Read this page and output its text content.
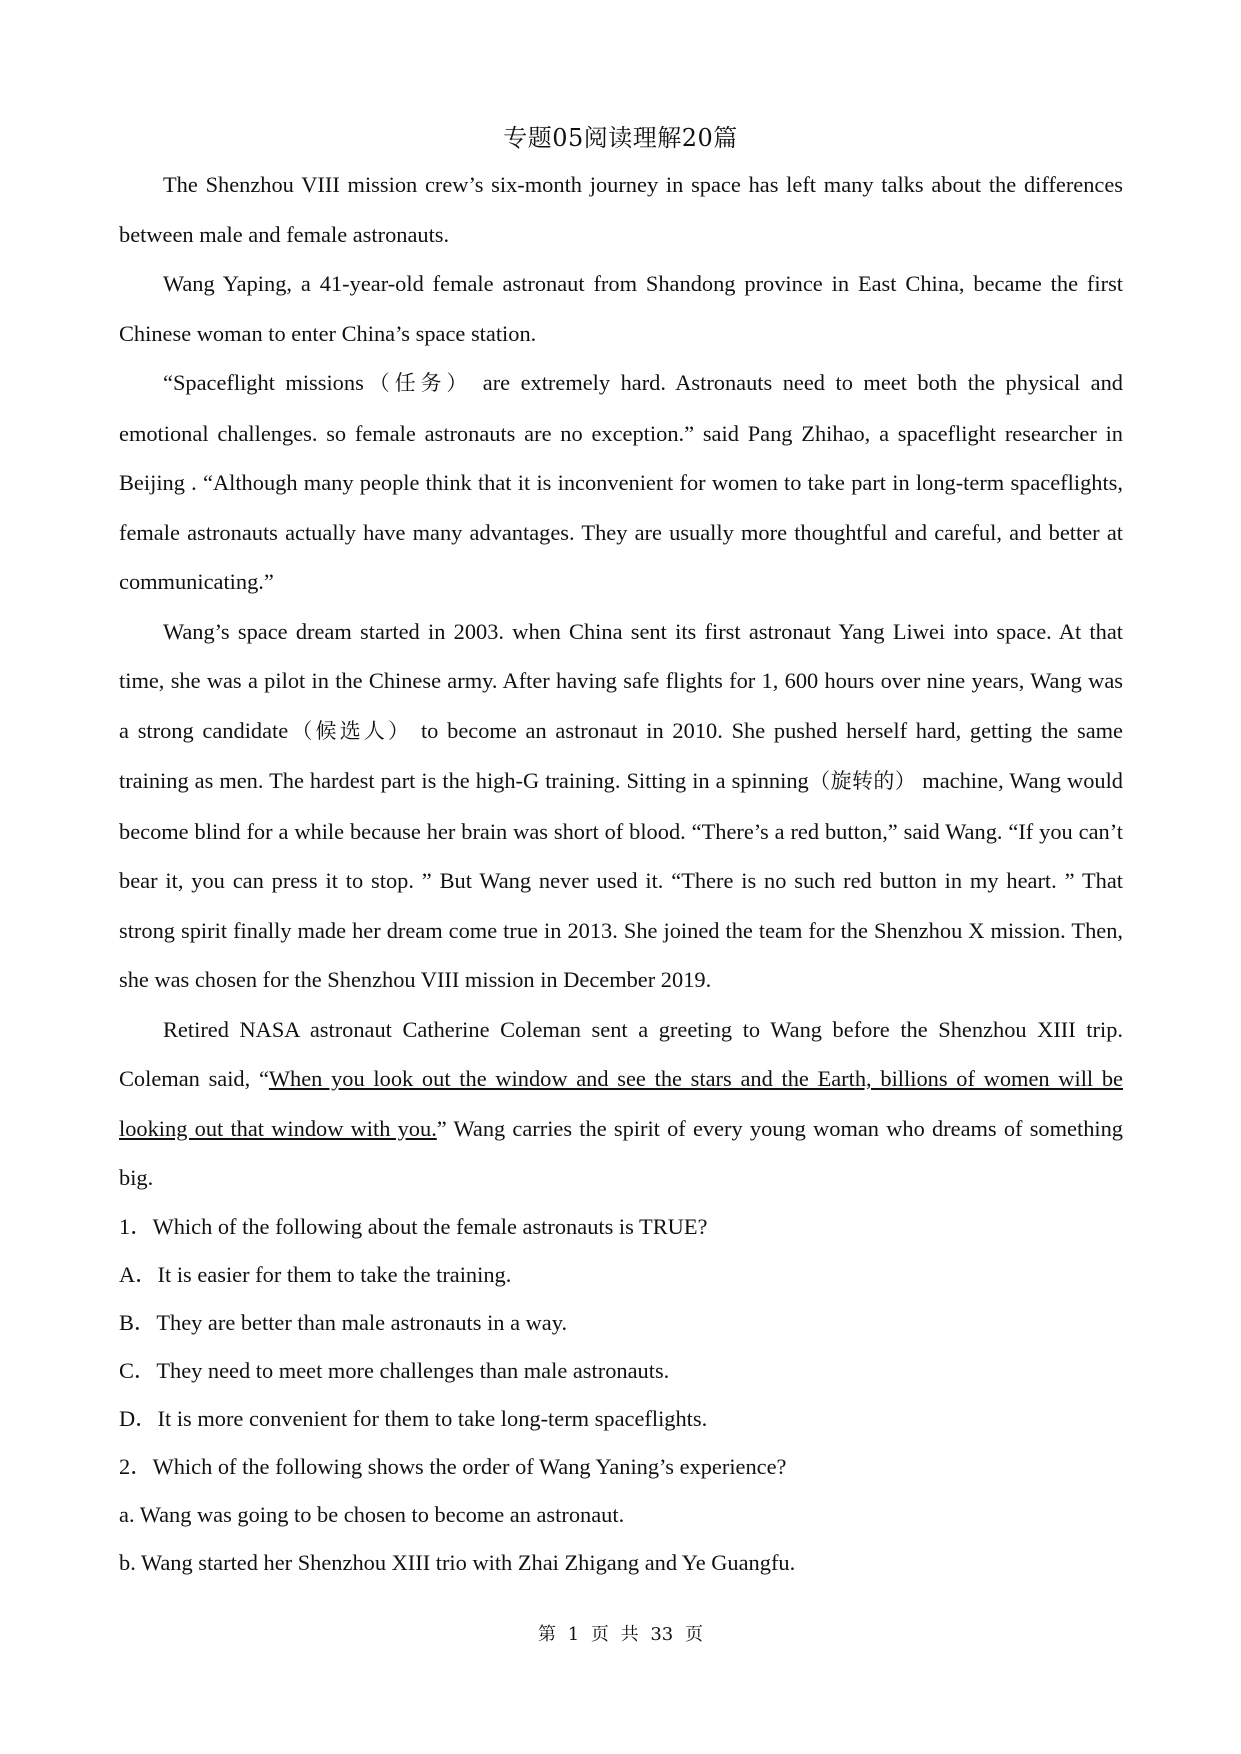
专题05阅读理解20篇

The Shenzhou VIII mission crew’s six-month journey in space has left many talks about the differences between male and female astronauts.

Wang Yaping, a 41-year-old female astronaut from Shandong province in East China, became the first Chinese woman to enter China’s space station.

“Spaceflight missions（任务） are extremely hard. Astronauts need to meet both the physical and emotional challenges. so female astronauts are no exception.” said Pang Zhihao, a spaceflight researcher in Beijing . “Although many people think that it is inconvenient for women to take part in long-term spaceflights, female astronauts actually have many advantages. They are usually more thoughtful and careful, and better at communicating.”

Wang’s space dream started in 2003. when China sent its first astronaut Yang Liwei into space. At that time, she was a pilot in the Chinese army. After having safe flights for 1, 600 hours over nine years, Wang was a strong candidate（候选人） to become an astronaut in 2010. She pushed herself hard, getting the same training as men. The hardest part is the high-G training. Sitting in a spinning（旋转的） machine, Wang would become blind for a while because her brain was short of blood. “There’s a red button,” said Wang. “If you can’t bear it, you can press it to stop. ” But Wang never used it. “There is no such red button in my heart. ” That strong spirit finally made her dream come true in 2013. She joined the team for the Shenzhou X mission. Then, she was chosen for the Shenzhou VIII mission in December 2019.

Retired NASA astronaut Catherine Coleman sent a greeting to Wang before the Shenzhou XIII trip. Coleman said, “When you look out the window and see the stars and the Earth, billions of women will be looking out that window with you.” Wang carries the spirit of every young woman who dreams of something big.

1．Which of the following about the female astronauts is TRUE?

A．It is easier for them to take the training.

B．They are better than male astronauts in a way.

C．They need to meet more challenges than male astronauts.

D．It is more convenient for them to take long-term spaceflights.

2．Which of the following shows the order of Wang Yaning’s experience?

a. Wang was going to be chosen to become an astronaut.

b. Wang started her Shenzhou XIII trio with Zhai Zhigang and Ye Guangfu.

第 1 页 共 33 页
